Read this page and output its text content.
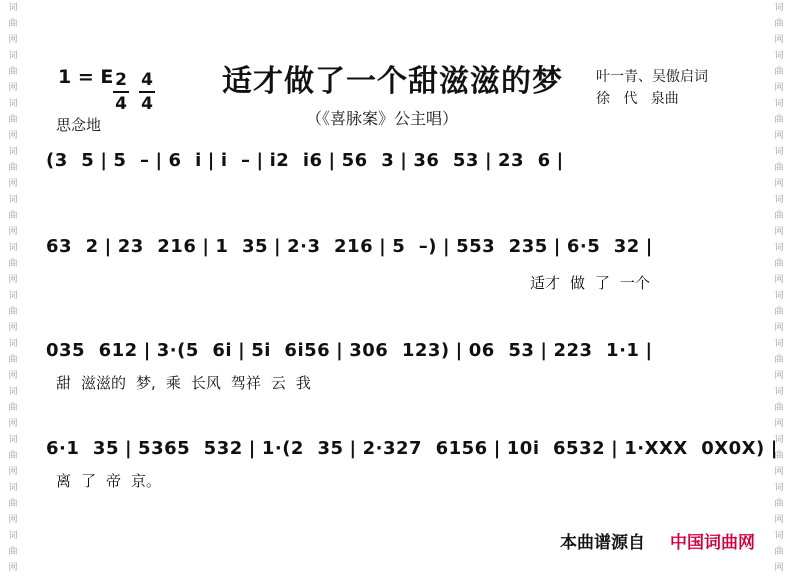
词
曲
网
词
曲
网
词
曲
网
词
曲
网
词
曲
网
词
曲
网
词
曲
网
词
曲
网
词
曲
网
词
曲
网
词
曲
网
词
曲
网
词
曲
网
词
曲
网
词
曲
网
词
曲
网
词
曲
网
词
曲
网
词
曲
网
词
曲
网
词
曲
网
词
曲
网
词
曲
网
词
曲
网
1 = E 2
4
4
4
思念地
适才做了一个甜滋滋的梦
（《喜脉案》公主唱）
叶一青、吴傲启词
徐   代   泉曲
(3  5 | 5  – | 6  i | i  – | i2  i6 | 56  3 | 36  53 | 23  6 |
63  2 | 23  216 | 1  35 | 2·3  216 | 5  –) | 553  235 | 6·5  32 |
适才 做 了 一个
035  612 | 3·(5  6i | 5i  6i56 | 306  123) | 06  53 | 223  1·1 |
甜 滋滋的 梦, 乘 长风 驾祥 云 我
6·1  35 | 5365  532 | 1·(2  35 | 2·327  6156 | 10i  6532 | 1·XXX  0X0X) |
离 了 帝 京。
本曲谱源自 中国词曲网
